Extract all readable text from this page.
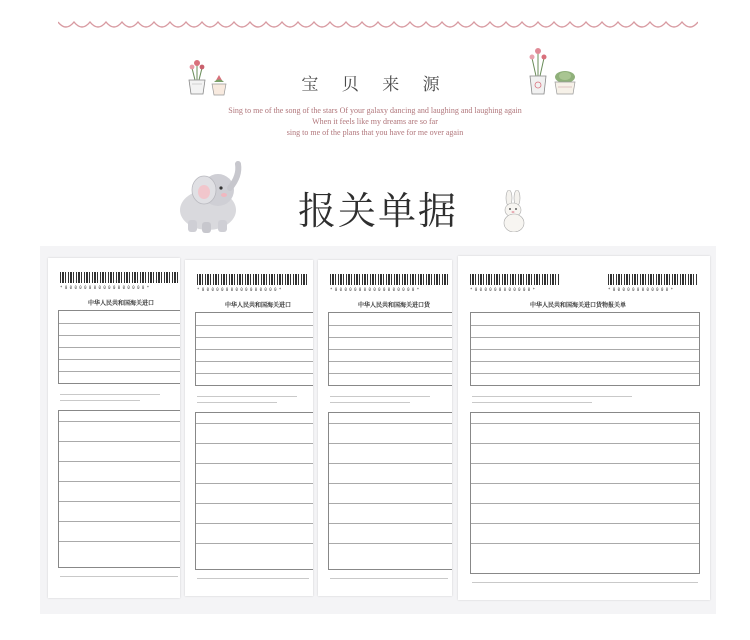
宝 贝 来 源
Sing to me of the song of the stars Of your galaxy dancing and laughing and laughing again
When it feels like my dreams are so far
sing to me of the plans that you have for me over again
报关单据
* 0 0 0 0 0 0 0 0 0 0 0 0 0 0 0 0 0 *
中华人民共和国海关进口
* 0 0 0 0 0 0 0 0 0 0 0 0 0 0 0 0 *
中华人民共和国海关进口
* 0 0 0 0 0 0 0 0 0 0 0 0 0 0 0 0 0 *
中华人民共和国海关进口货
* 0 0 0 0 0 0 0 0 0 0 0 0 *	* 0 0 0 0 0 0 0 0 0 0 0 0 *
中华人民共和国海关进口货物报关单
